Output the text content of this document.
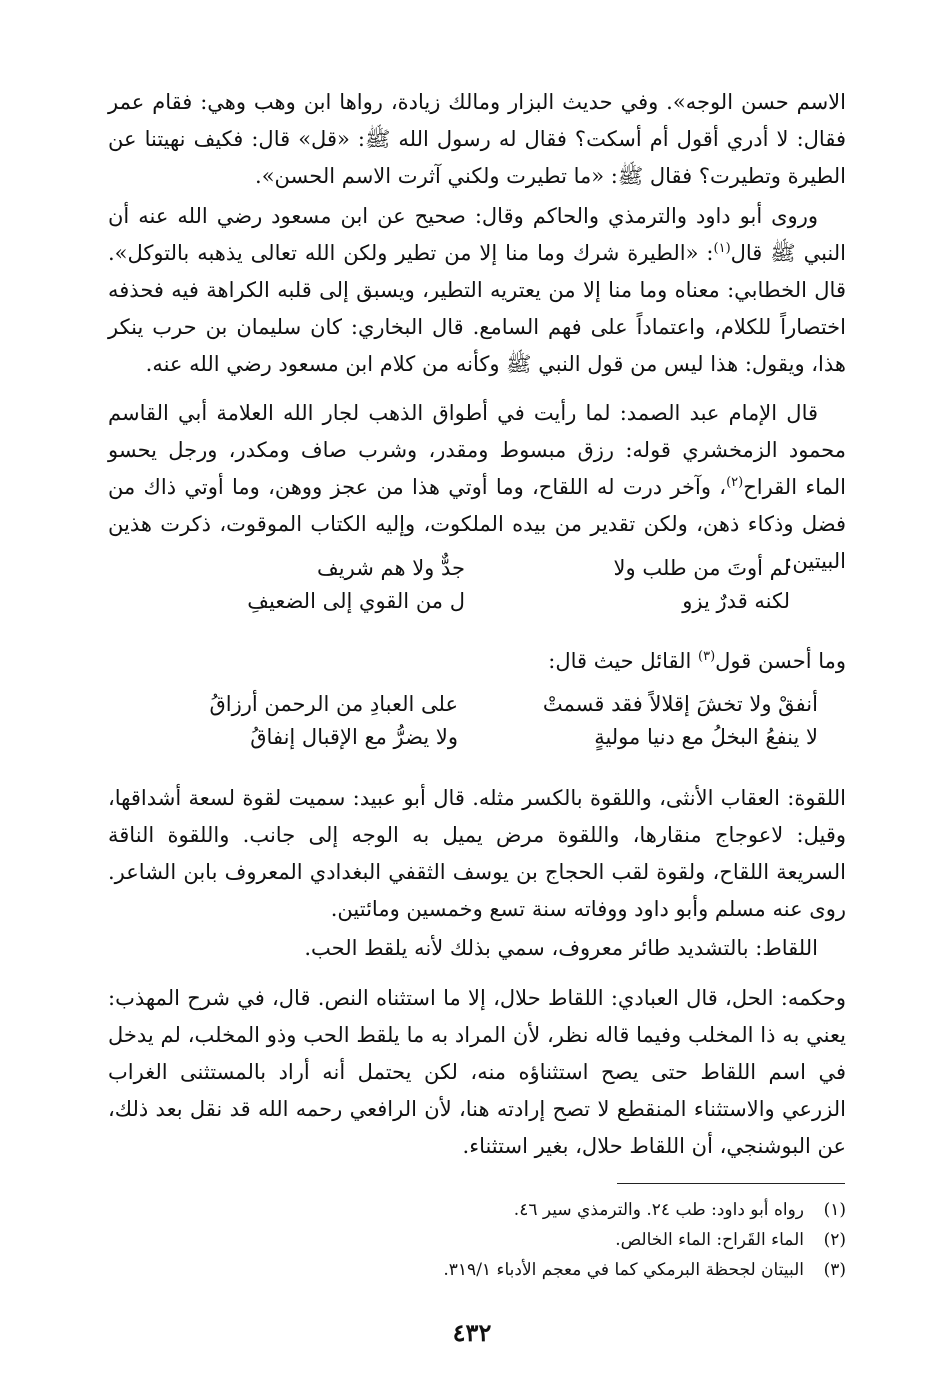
الاسم حسن الوجه». وفي حديث البزار ومالك زيادة، رواها ابن وهب وهي: فقام عمر فقال: لا أدري أقول أم أسكت؟ فقال له رسول الله ﷺ: «قل» قال: فكيف نهيتنا عن الطيرة وتطيرت؟ فقال ﷺ: «ما تطيرت ولكني آثرت الاسم الحسن».

وروى أبو داود والترمذي والحاكم وقال: صحيح عن ابن مسعود رضي الله عنه أن النبي ﷺ قال$^{(١)}$: «الطيرة شرك وما منا إلا من تطير ولكن الله تعالى يذهبه بالتوكل». قال الخطابي: معناه وما منا إلا من يعتريه التطير، ويسبق إلى قلبه الكراهة فيه فحذفه اختصاراً للكلام، واعتماداً على فهم السامع. قال البخاري: كان سليمان بن حرب ينكر هذا، ويقول: هذا ليس من قول النبي ﷺ وكأنه من كلام ابن مسعود رضي الله عنه.

قال الإمام عبد الصمد: لما رأيت في أطواق الذهب لجار الله العلامة أبي القاسم محمود الزمخشري قوله: رزق مبسوط ومقدر، وشرب صاف ومكدر، ورجل يحسو الماء القراح$^{(٢)}$، وآخر درت له اللقاح، وما أوتي هذا من عجز ووهن، وما أوتي ذاك من فضل وذكاء ذهن، ولكن تقدير من بيده الملكوت، وإليه الكتاب الموقوت، ذكرت هذين البيتين:

لم أوتَ من طلب ولا
جدٌّ ولا هم شريف
لكنه قدرٌ يزو
ل من القوي إلى الضعيفِ

وما أحسن قول$^{(٣)}$ القائل حيث قال:

أنفقْ ولا تخشَ إقلالاً فقد قسمتْ
على العبادِ من الرحمن أرزاقُ
لا ينفعُ البخلُ مع دنيا موليةٍ
ولا يضرُّ مع الإقبال إنفاقُ

اللقوة: العقاب الأنثى، واللقوة بالكسر مثله. قال أبو عبيد: سميت لقوة لسعة أشداقها، وقيل: لاعوجاج منقارها، واللقوة مرض يميل به الوجه إلى جانب. واللقوة الناقة السريعة اللقاح، ولقوة لقب الحجاج بن يوسف الثقفي البغدادي المعروف بابن الشاعر. روى عنه مسلم وأبو داود ووفاته سنة تسع وخمسين ومائتين.

اللقاط: بالتشديد طائر معروف، سمي بذلك لأنه يلقط الحب.

وحكمه: الحل، قال العبادي: اللقاط حلال، إلا ما استثناه النص. قال، في شرح المهذب: يعني به ذا المخلب وفيما قاله نظر، لأن المراد به ما يلقط الحب وذو المخلب، لم يدخل في اسم اللقاط حتى يصح استثناؤه منه، لكن يحتمل أنه أراد بالمستثنى الغراب الزرعي والاستثناء المنقطع لا تصح إرادته هنا، لأن الرافعي رحمه الله قد نقل بعد ذلك، عن البوشنجي، أن اللقاط حلال، بغير استثناء.

(١)
رواه أبو داود: طب ٢٤. والترمذي سير ٤٦.
(٢)
الماء القَراح: الماء الخالص.
(٣)
البيتان لجحظة البرمكي كما في معجم الأدباء ٣١٩/١.
٤٣٢
